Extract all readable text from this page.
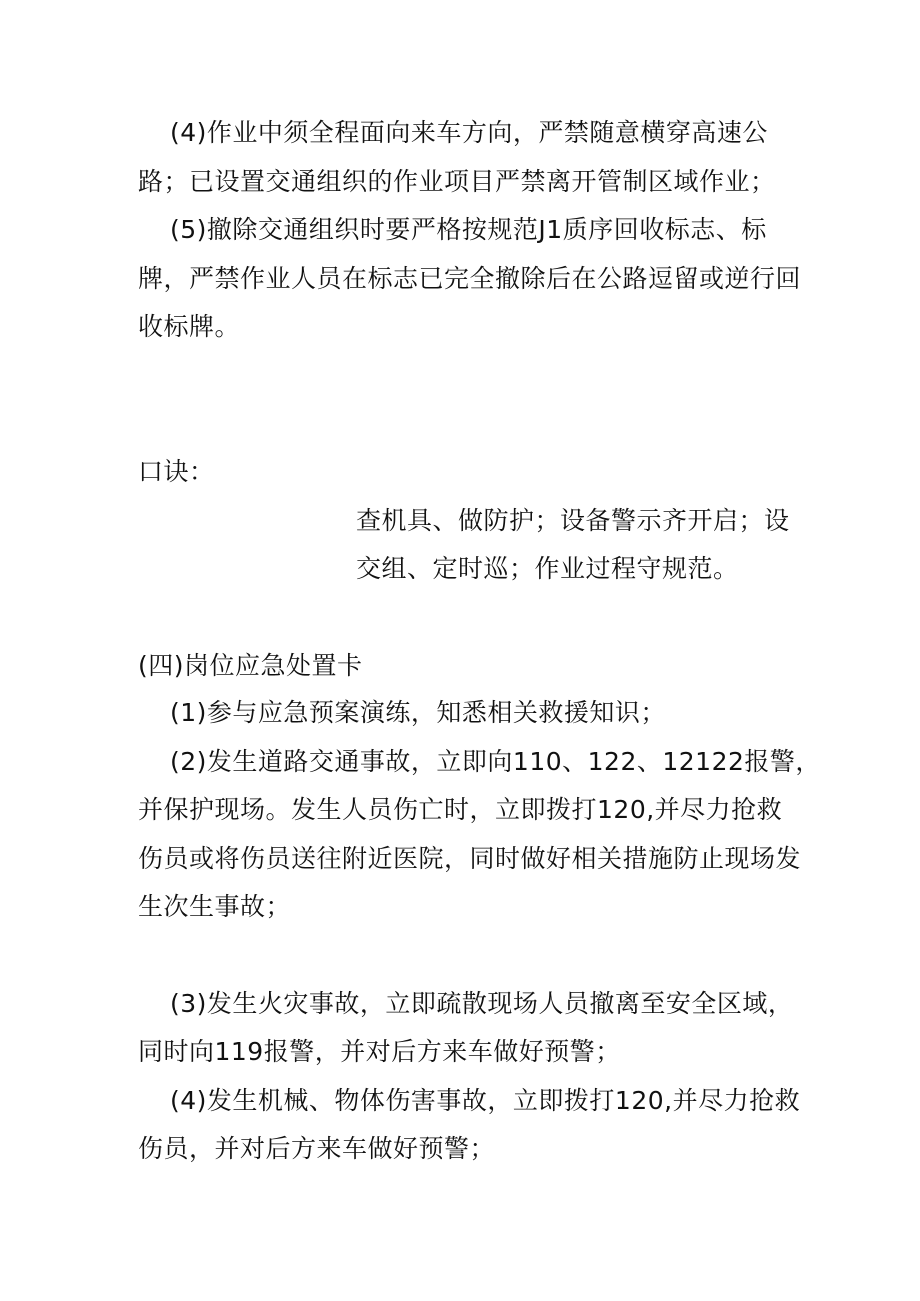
(4)作业中须全程面向来车方向，严禁随意横穿高速公
路；已设置交通组织的作业项目严禁离开管制区域作业；
(5)撤除交通组织时要严格按规范J1质序回收标志、标
牌，严禁作业人员在标志已完全撤除后在公路逗留或逆行回
收标牌。
口诀：
查机具、做防护；设备警示齐开启；设
交组、定时巡；作业过程守规范。
(四)岗位应急处置卡
(1)参与应急预案演练，知悉相关救援知识；
(2)发生道路交通事故，立即向110、122、12122报警，
并保护现场。发生人员伤亡时，立即拨打120,并尽力抢救
伤员或将伤员送往附近医院，同时做好相关措施防止现场发
生次生事故；
(3)发生火灾事故，立即疏散现场人员撤离至安全区域，
同时向119报警，并对后方来车做好预警；
(4)发生机械、物体伤害事故，立即拨打120,并尽力抢救
伤员，并对后方来车做好预警；
